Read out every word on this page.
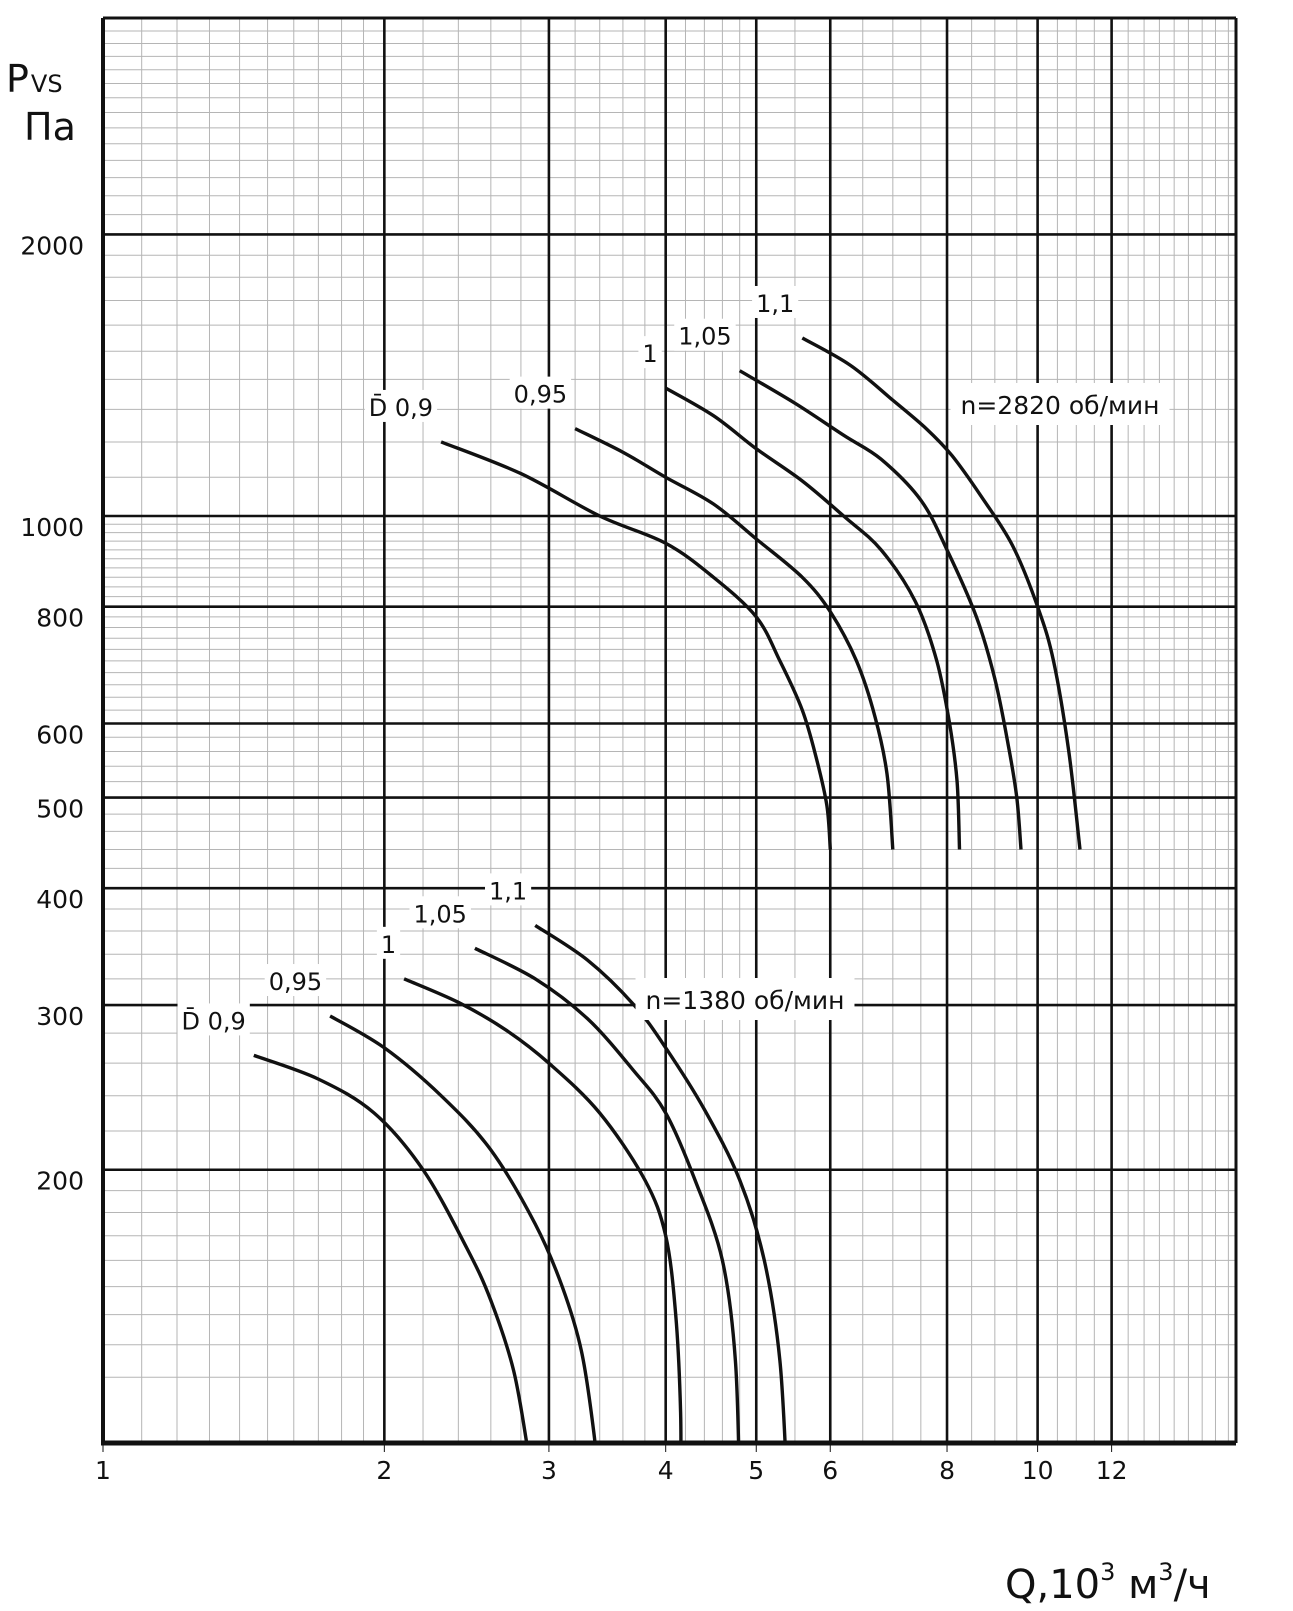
1	2	3	4	5 6	8	10 12
2000
1000
800
600
500
400
300
200
D̄ 0,9	0,95
1
1,05
1,1
n=2820 об/мин
D̄ 0,9
0,95
1
1,05
1,1
n=1380 об/мин
PVS
Па
$Q,10^3$ $м^3/ч$
